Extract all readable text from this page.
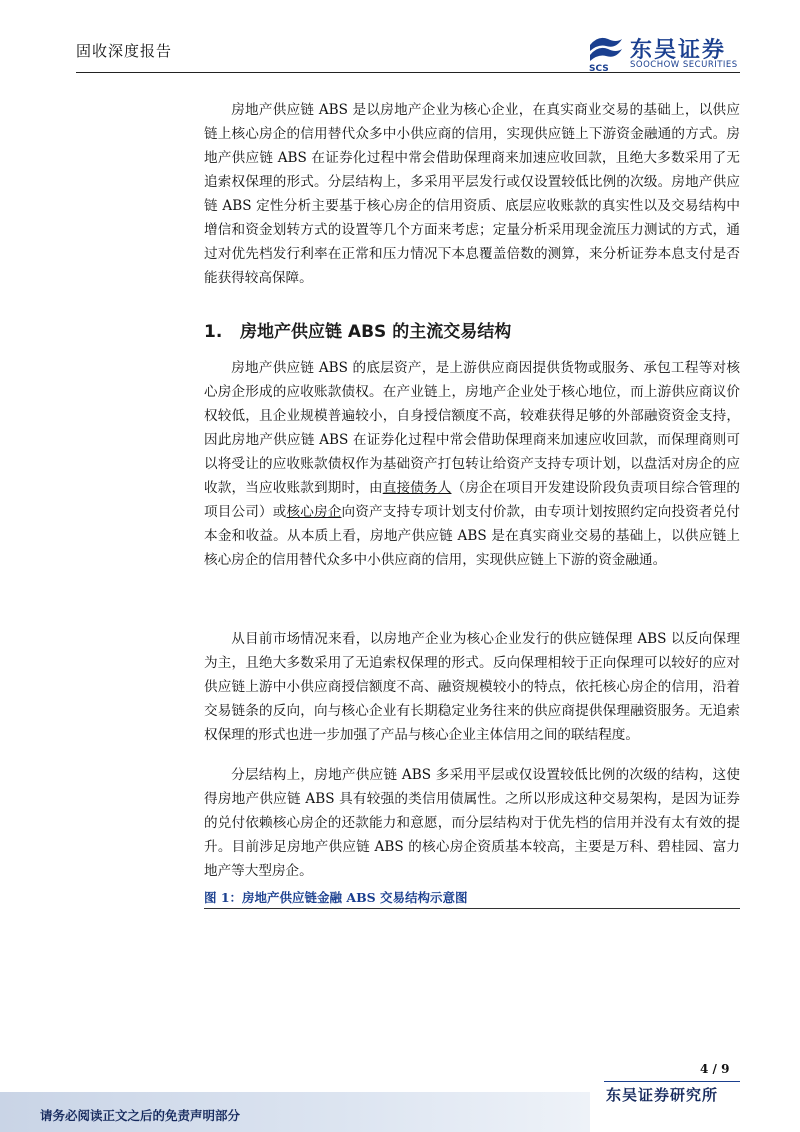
固收深度报告
SCS
东吴证券
SOOCHOW SECURITIES

房地产供应链 ABS 是以房地产企业为核心企业，在真实商业交易的基础上，以供应链上核心房企的信用替代众多中小供应商的信用，实现供应链上下游资金融通的方式。房地产供应链 ABS 在证券化过程中常会借助保理商来加速应收回款，且绝大多数采用了无追索权保理的形式。分层结构上，多采用平层发行或仅设置较低比例的次级。房地产供应链 ABS 定性分析主要基于核心房企的信用资质、底层应收账款的真实性以及交易结构中增信和资金划转方式的设置等几个方面来考虑；定量分析采用现金流压力测试的方式，通过对优先档发行利率在正常和压力情况下本息覆盖倍数的测算，来分析证券本息支付是否能获得较高保障。

1. 房地产供应链 ABS 的主流交易结构

房地产供应链 ABS 的底层资产，是上游供应商因提供货物或服务、承包工程等对核心房企形成的应收账款债权。在产业链上，房地产企业处于核心地位，而上游供应商议价权较低，且企业规模普遍较小，自身授信额度不高，较难获得足够的外部融资资金支持，因此房地产供应链 ABS 在证券化过程中常会借助保理商来加速应收回款，而保理商则可以将受让的应收账款债权作为基础资产打包转让给资产支持专项计划，以盘活对房企的应收款，当应收账款到期时，由直接债务人（房企在项目开发建设阶段负责项目综合管理的项目公司）或核心房企向资产支持专项计划支付价款，由专项计划按照约定向投资者兑付本金和收益。从本质上看，房地产供应链 ABS 是在真实商业交易的基础上，以供应链上核心房企的信用替代众多中小供应商的信用，实现供应链上下游的资金融通。

从目前市场情况来看，以房地产企业为核心企业发行的供应链保理 ABS 以反向保理为主，且绝大多数采用了无追索权保理的形式。反向保理相较于正向保理可以较好的应对供应链上游中小供应商授信额度不高、融资规模较小的特点，依托核心房企的信用，沿着交易链条的反向，向与核心企业有长期稳定业务往来的供应商提供保理融资服务。无追索权保理的形式也进一步加强了产品与核心企业主体信用之间的联结程度。

分层结构上，房地产供应链 ABS 多采用平层或仅设置较低比例的次级的结构，这使得房地产供应链 ABS 具有较强的类信用债属性。之所以形成这种交易架构，是因为证券的兑付依赖核心房企的还款能力和意愿，而分层结构对于优先档的信用并没有太有效的提升。目前涉足房地产供应链 ABS 的核心房企资质基本较高，主要是万科、碧桂园、富力地产等大型房企。

图 1：房地产供应链金融 ABS 交易结构示意图
4 / 9
请务必阅读正文之后的免责声明部分
东吴证券研究所
